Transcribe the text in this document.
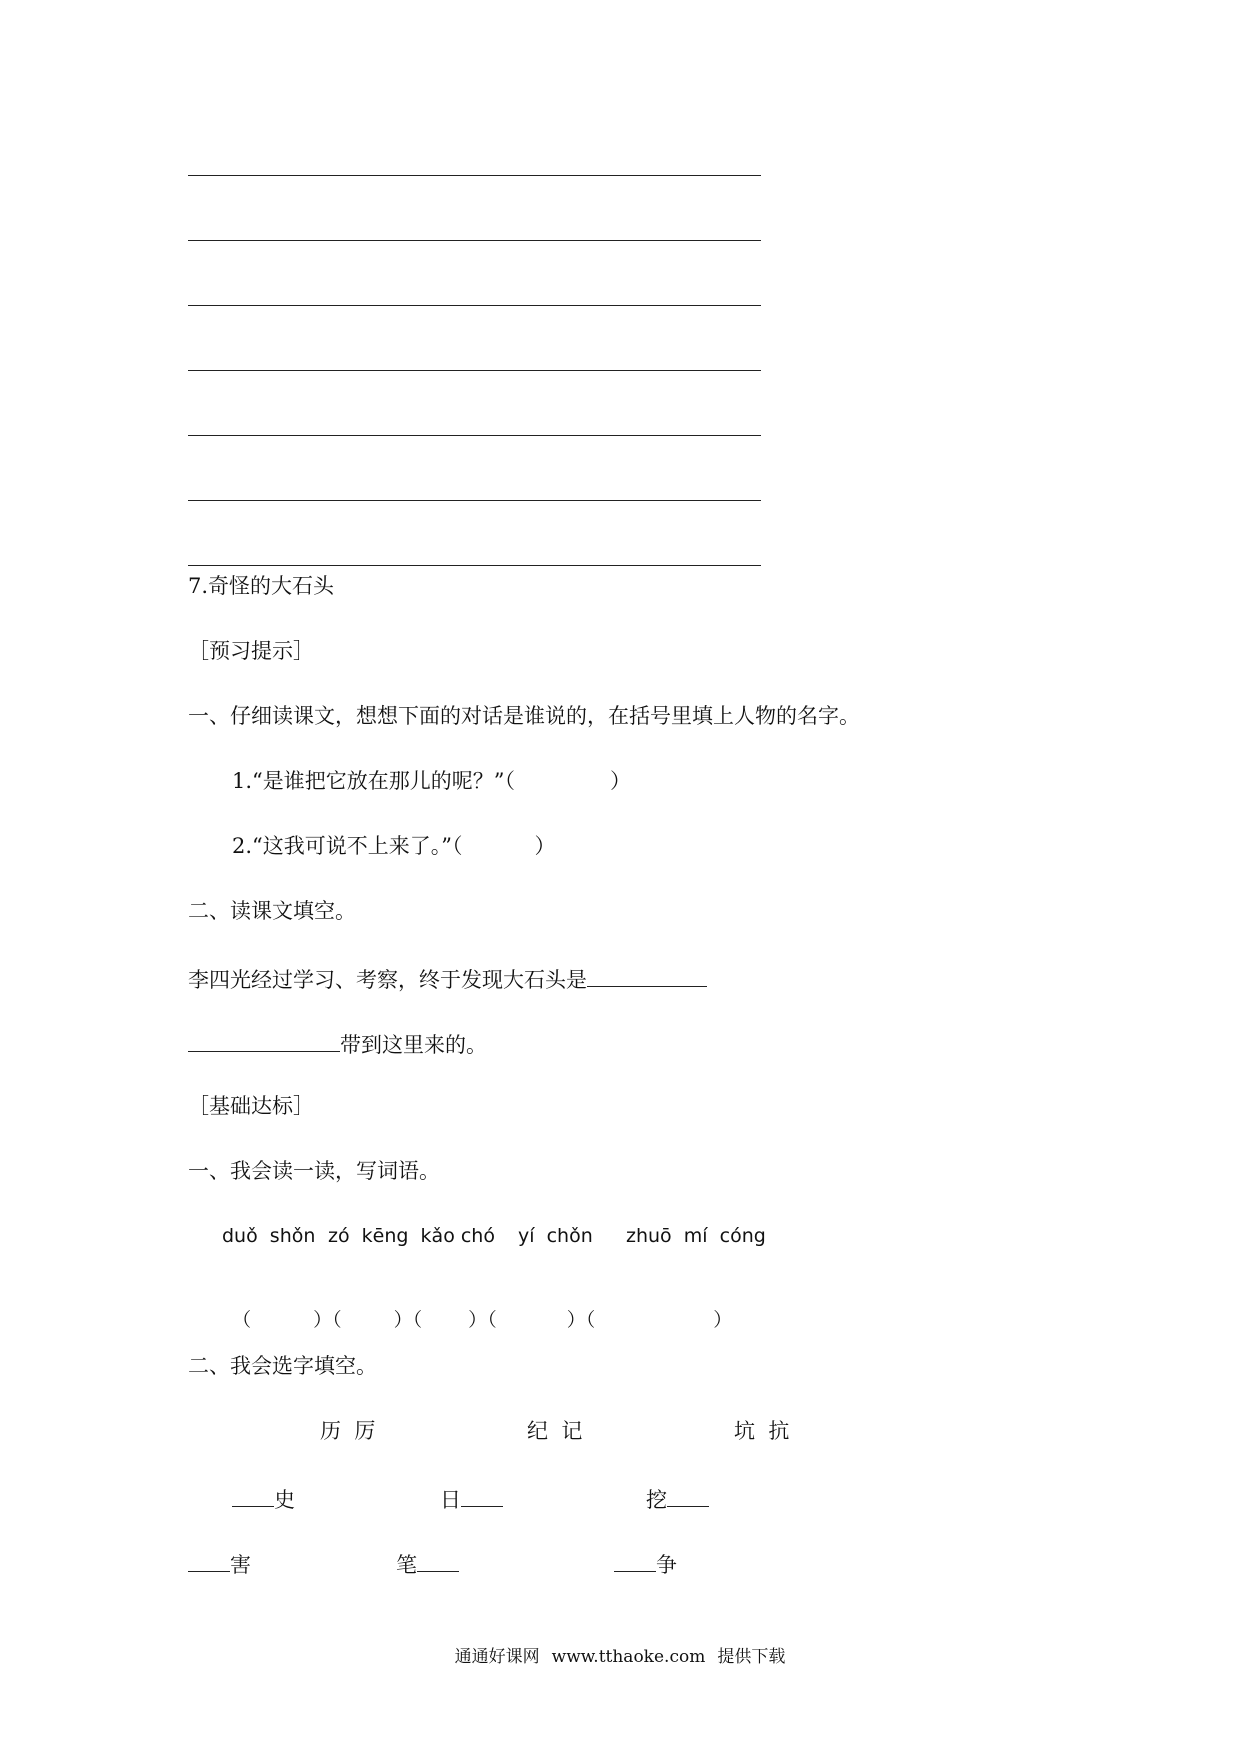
7.奇怪的大石头
［预习提示］
一、仔细读课文，想想下面的对话是谁说的，在括号里填上人物的名字。
1.“是谁把它放在那儿的呢？”（	）
2.“这我可说不上来了。”（	）
二、读课文填空。
李四光经过学习、考察，终于发现大石头是
带到这里来的。
［基础达标］
一、我会读一读，写词语。
duǒ  shǒn zó  kēng  kǎo chó yí  chǒn zhuō  mí  cóng

（	）（	）（ ）（	）（	）

二、我会选字填空。
历  厉	纪  记	坑  抗
史	日	挖
害	笔	争
通通好课网 www.tthaoke.com 提供下载
